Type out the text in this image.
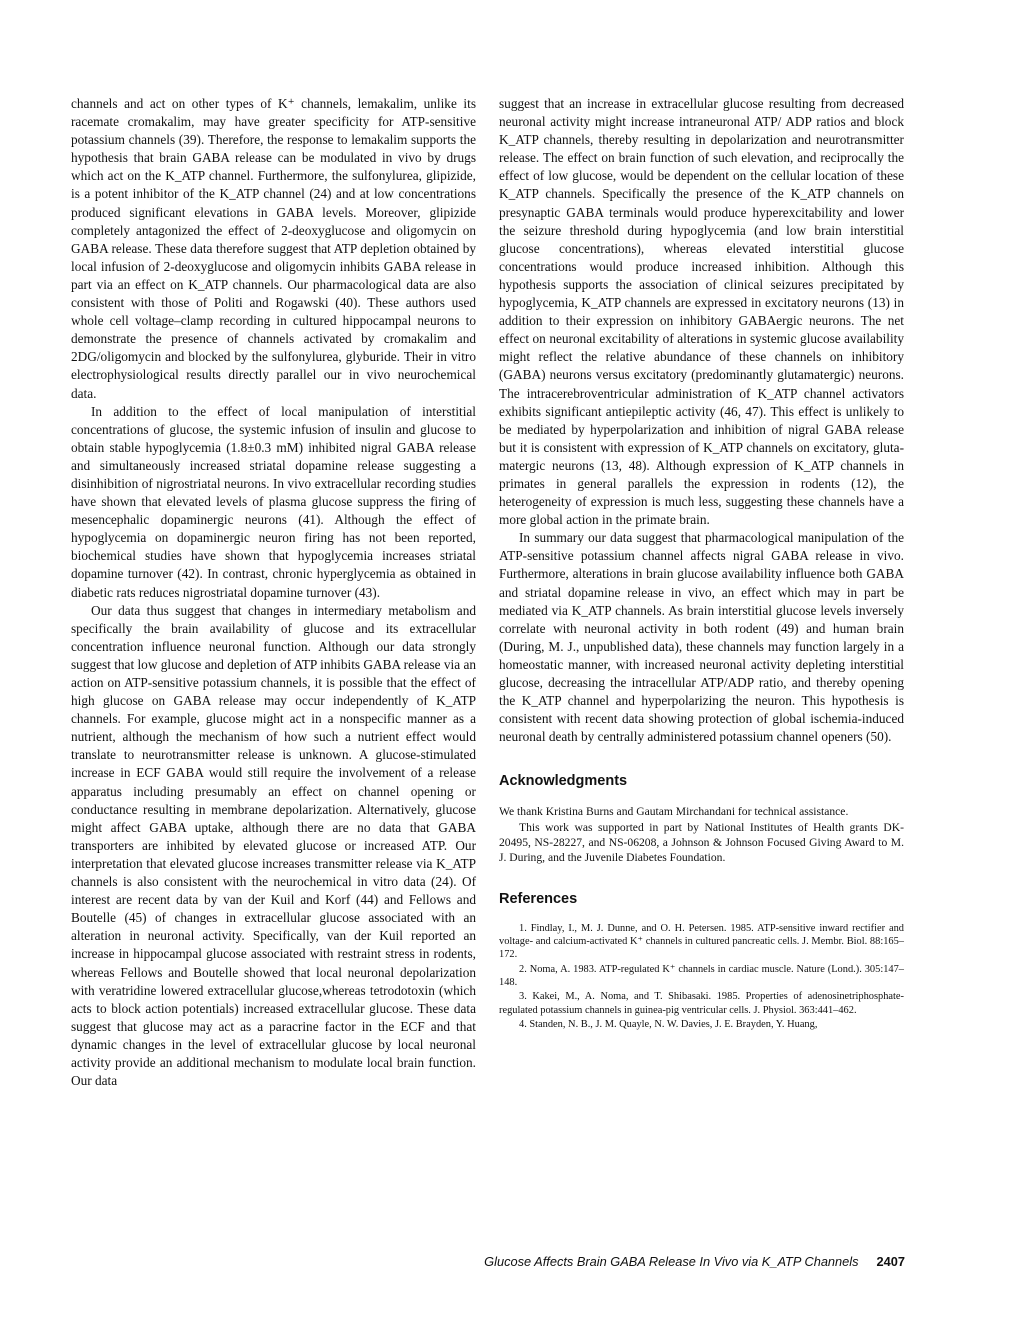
channels and act on other types of K⁺ channels, lemakalim, unlike its racemate cromakalim, may have greater specificity for ATP-sensitive potassium channels (39). Therefore, the response to lemakalim supports the hypothesis that brain GABA release can be modulated in vivo by drugs which act on the K_ATP channel. Furthermore, the sulfonylurea, glipizide, is a potent inhibitor of the K_ATP channel (24) and at low concentrations produced significant elevations in GABA levels. Moreover, glipizide completely antagonized the effect of 2-deoxyglucose and oligomycin on GABA release. These data therefore suggest that ATP depletion obtained by local infusion of 2-deoxyglucose and oligomycin inhibits GABA release in part via an effect on K_ATP channels. Our pharmacological data are also consistent with those of Politi and Rogawski (40). These authors used whole cell voltage–clamp recording in cultured hippocampal neurons to demonstrate the presence of channels activated by cromakalim and 2DG/oligomycin and blocked by the sulfonylurea, glyburide. Their in vitro electrophysiological results directly parallel our in vivo neurochemical data.

In addition to the effect of local manipulation of interstitial concentrations of glucose, the systemic infusion of insulin and glucose to obtain stable hypoglycemia (1.8±0.3 mM) inhibited nigral GABA release and simultaneously increased striatal dopamine release suggesting a disinhibition of nigrostriatal neurons. In vivo extracellular recording studies have shown that elevated levels of plasma glucose suppress the firing of mesencephalic dopaminergic neurons (41). Although the effect of hypoglycemia on dopaminergic neuron firing has not been reported, biochemical studies have shown that hypoglycemia increases striatal dopamine turnover (42). In contrast, chronic hyperglycemia as obtained in diabetic rats reduces nigrostriatal dopamine turnover (43).

Our data thus suggest that changes in intermediary metabolism and specifically the brain availability of glucose and its extracellular concentration influence neuronal function. Although our data strongly suggest that low glucose and depletion of ATP inhibits GABA release via an action on ATP-sensitive potassium channels, it is possible that the effect of high glucose on GABA release may occur independently of K_ATP channels. For example, glucose might act in a nonspecific manner as a nutrient, although the mechanism of how such a nutrient effect would translate to neurotransmitter release is unknown. A glucose-stimulated increase in ECF GABA would still require the involvement of a release apparatus including presumably an effect on channel opening or conductance resulting in membrane depolarization. Alternatively, glucose might affect GABA uptake, although there are no data that GABA transporters are inhibited by elevated glucose or increased ATP. Our interpretation that elevated glucose increases transmitter release via K_ATP channels is also consistent with the neurochemical in vitro data (24). Of interest are recent data by van der Kuil and Korf (44) and Fellows and Boutelle (45) of changes in extracellular glucose associated with an alteration in neuronal activity. Specifically, van der Kuil reported an increase in hippocampal glucose associated with restraint stress in rodents, whereas Fellows and Boutelle showed that local neuronal depolarization with veratridine lowered extracellular glucose,whereas tetrodotoxin (which acts to block action potentials) increased extracellular glucose. These data suggest that glucose may act as a paracrine factor in the ECF and that dynamic changes in the level of extracellular glucose by local neuronal activity provide an additional mechanism to modulate local brain function. Our data

suggest that an increase in extracellular glucose resulting from decreased neuronal activity might increase intraneuronal ATP/ ADP ratios and block K_ATP channels, thereby resulting in depolarization and neurotransmitter release. The effect on brain function of such elevation, and reciprocally the effect of low glucose, would be dependent on the cellular location of these K_ATP channels. Specifically the presence of the K_ATP channels on presynaptic GABA terminals would produce hyperexcitability and lower the seizure threshold during hypoglycemia (and low brain interstitial glucose concentrations), whereas elevated interstitial glucose concentrations would produce increased inhibition. Although this hypothesis supports the association of clinical seizures precipitated by hypoglycemia, K_ATP channels are expressed in excitatory neurons (13) in addition to their expression on inhibitory GABAergic neurons. The net effect on neuronal excitability of alterations in systemic glucose availability might reflect the relative abundance of these channels on inhibitory (GABA) neurons versus excitatory (predominantly glutamatergic) neurons. The intracerebroventricular administration of K_ATP channel activators exhibits significant antiepileptic activity (46, 47). This effect is unlikely to be mediated by hyperpolarization and inhibition of nigral GABA release but it is consistent with expression of K_ATP channels on excitatory, glutamatergic neurons (13, 48). Although expression of K_ATP channels in primates in general parallels the expression in rodents (12), the heterogeneity of expression is much less, suggesting these channels have a more global action in the primate brain.

In summary our data suggest that pharmacological manipulation of the ATP-sensitive potassium channel affects nigral GABA release in vivo. Furthermore, alterations in brain glucose availability influence both GABA and striatal dopamine release in vivo, an effect which may in part be mediated via K_ATP channels. As brain interstitial glucose levels inversely correlate with neuronal activity in both rodent (49) and human brain (During, M. J., unpublished data), these channels may function largely in a homeostatic manner, with increased neuronal activity depleting interstitial glucose, decreasing the intracellular ATP/ADP ratio, and thereby opening the K_ATP channel and hyperpolarizing the neuron. This hypothesis is consistent with recent data showing protection of global ischemia-induced neuronal death by centrally administered potassium channel openers (50).

Acknowledgments

We thank Kristina Burns and Gautam Mirchandani for technical assistance.

This work was supported in part by National Institutes of Health grants DK-20495, NS-28227, and NS-06208, a Johnson & Johnson Focused Giving Award to M. J. During, and the Juvenile Diabetes Foundation.

References
1. Findlay, I., M. J. Dunne, and O. H. Petersen. 1985. ATP-sensitive inward rectifier and voltage- and calcium-activated K⁺ channels in cultured pancreatic cells. J. Membr. Biol. 88:165–172.
2. Noma, A. 1983. ATP-regulated K⁺ channels in cardiac muscle. Nature (Lond.). 305:147–148.
3. Kakei, M., A. Noma, and T. Shibasaki. 1985. Properties of adenosinetriphosphate-regulated potassium channels in guinea-pig ventricular cells. J. Physiol. 363:441–462.
4. Standen, N. B., J. M. Quayle, N. W. Davies, J. E. Brayden, Y. Huang,
Glucose Affects Brain GABA Release In Vivo via K_ATP Channels 2407
